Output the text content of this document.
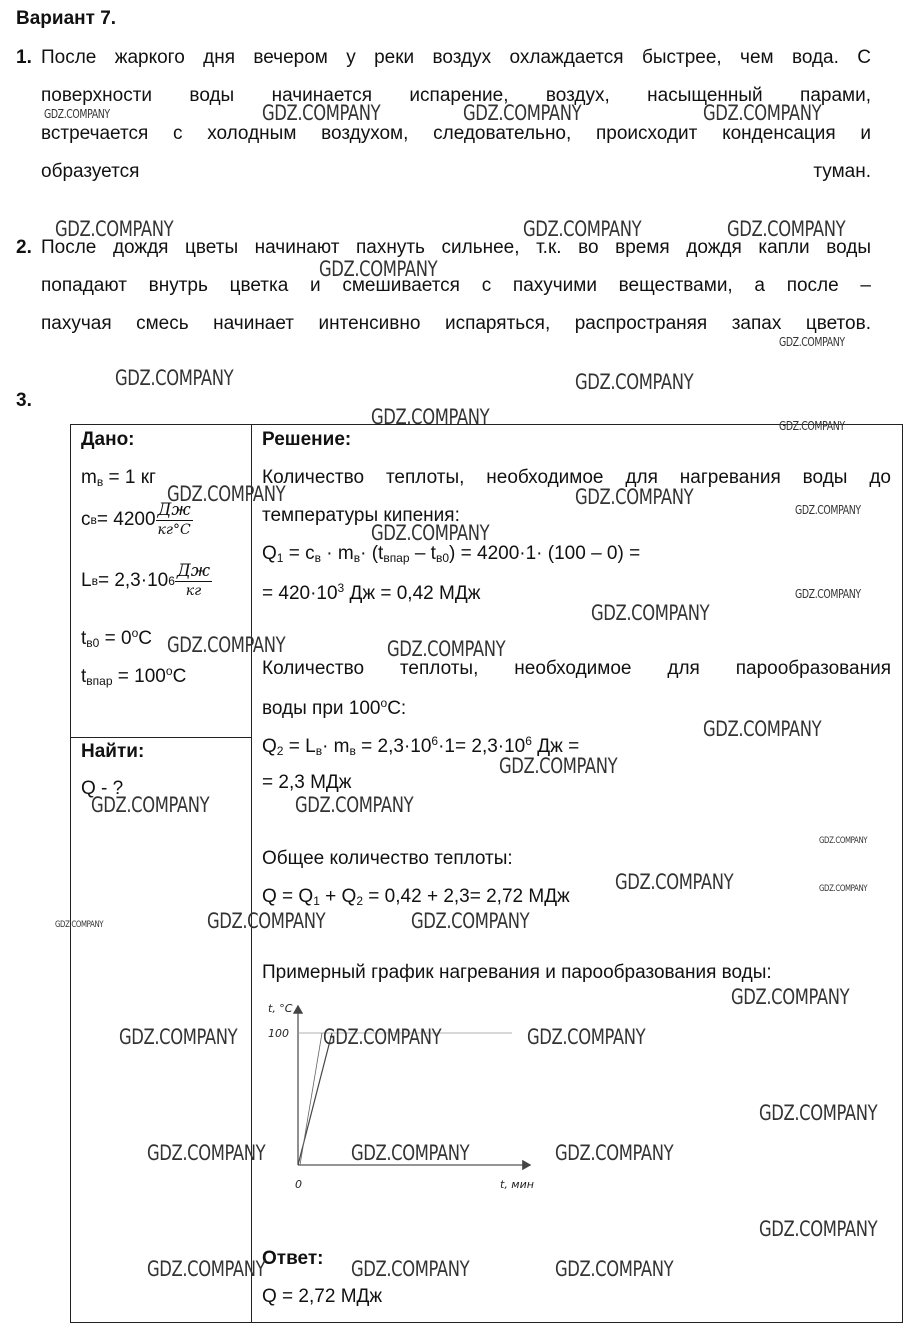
Вариант 7.
1. После жаркого дня вечером у реки воздух охлаждается быстрее, чем вода. С
поверхности воды начинается испарение, воздух, насыщенный парами,
встречается с холодным воздухом, следовательно, происходит конденсация и
образуется	туман.
2. После дождя цветы начинают пахнуть сильнее, т.к. во время дождя капли воды
попадают внутрь цветка и смешивается с пахучими веществами, а после –
пахучая смесь начинает интенсивно испаряться, распространяя запах цветов.
3.
Дано:
$m_в = 1$ кг
c $в = 4200 \frac{Дж}{кг^\circ C}$
L в = 2,3·10 $6 \frac{Дж}{кг}$
$t_{в0} = 0^oC$
$t_{впар} = 100^oC$
Найти:
Q - ?
Решение:
Количество теплоты, необходимое для нагревания воды до
температуры кипения:
$Q_1 = c_в \cdot m_в\cdot (t_{впар} - t_{в0}) = 4200\cdot 1\cdot (100 - 0)$ =
= $420\cdot 10^3$ Дж = 0,42 МДж
Количество теплоты, необходимое для парообразования
воды при 100$^o$C:
$Q_2 = L_в\cdot m_в = 2,3\cdot 10^6\cdot 1= 2,3\cdot 10^6$ Дж =
= 2,3 МДж
Общее количество теплоты:
$Q = Q_1 + Q_2 = 0,42 + 2,3= 2,72$ МДж
Примерный график нагревания и парообразования воды:
t, °C
100
0	t, мин
Ответ:
Q = 2,72 МДж
GDZ.COMPANY	GDZ.COMPANY	GDZ.COMPANY	GDZ.COMPANY
GDZ.COMPANY	GDZ.COMPANY	GDZ.COMPANY
GDZ.COMPANY
GDZ.COMPANY
GDZ.COMPANY	GDZ.COMPANY
GDZ.COMPANY	GDZ.COMPANY
GDZ.COMPANY	GDZ.COMPANY
GDZ.COMPANY
GDZ.COMPANY
GDZ.COMPANY
GDZ.COMPANY
GDZ.COMPANY	GDZ.COMPANY
GDZ.COMPANY
GDZ.COMPANY
GDZ.COMPANY	GDZ.COMPANY
GDZ.COMPANY
GDZ.COMPANY	GDZ.COMPANY
GDZ.COMPANY	GDZ.COMPANY	GDZ.COMPANY
GDZ.COMPANY
GDZ.COMPANY	GDZ.COMPANY	GDZ.COMPANY
GDZ.COMPANY
GDZ.COMPANY	GDZ.COMPANY	GDZ.COMPANY
GDZ.COMPANY
GDZ.COMPANY	GDZ.COMPANY	GDZ.COMPANY
